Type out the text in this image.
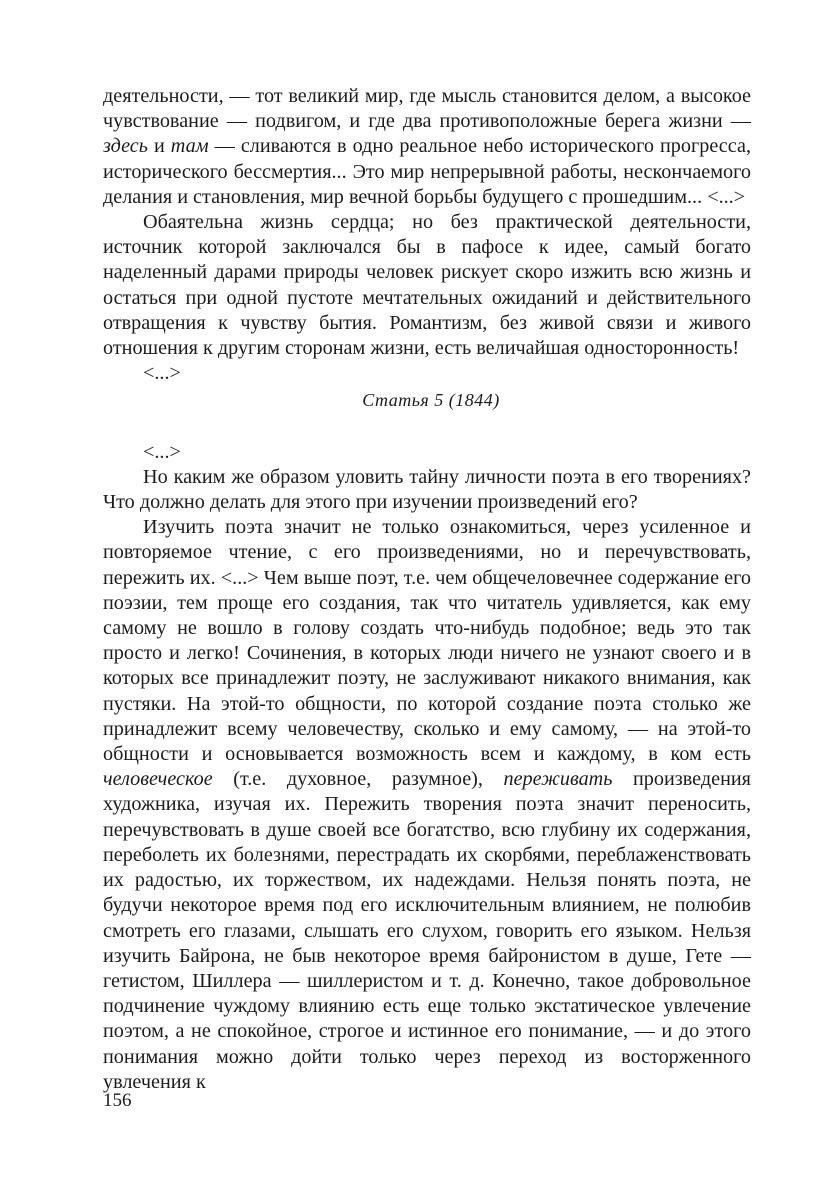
деятельности, — тот великий мир, где мысль становится делом, а высокое чувствование — подвигом, и где два противоположные берега жизни — здесь и там — сливаются в одно реальное небо исторического прогресса, исторического бессмертия... Это мир непрерывной работы, нескончаемого делания и становления, мир вечной борьбы будущего с прошедшим... <...>

Обаятельна жизнь сердца; но без практической деятельности, источник которой заключался бы в пафосе к идее, самый богато наделенный дарами природы человек рискует скоро изжить всю жизнь и остаться при одной пустоте мечтательных ожиданий и действительного отвращения к чувству бытия. Романтизм, без живой связи и живого отношения к другим сторонам жизни, есть величайшая односторонность!

<...>

Статья 5 (1844)

<...>

Но каким же образом уловить тайну личности поэта в его творениях? Что должно делать для этого при изучении произведений его?

Изучить поэта значит не только ознакомиться, через усиленное и повторяемое чтение, с его произведениями, но и перечувствовать, пережить их. <...> Чем выше поэт, т.е. чем общечеловечнее содержание его поэзии, тем проще его создания, так что читатель удивляется, как ему самому не вошло в голову создать что-нибудь подобное; ведь это так просто и легко! Сочинения, в которых люди ничего не узнают своего и в которых все принадлежит поэту, не заслуживают никакого внимания, как пустяки. На этой-то общности, по которой создание поэта столько же принадлежит всему человечеству, сколько и ему самому, — на этой-то общности и основывается возможность всем и каждому, в ком есть человеческое (т.е. духовное, разумное), переживать произведения художника, изучая их. Пережить творения поэта значит переносить, перечувствовать в душе своей все богатство, всю глубину их содержания, переболеть их болезнями, перестрадать их скорбями, переблаженствовать их радостью, их торжеством, их надеждами. Нельзя понять поэта, не будучи некоторое время под его исключительным влиянием, не полюбив смотреть его глазами, слышать его слухом, говорить его языком. Нельзя изучить Байрона, не быв некоторое время байронистом в душе, Гете — гетистом, Шиллера — шиллеристом и т. д. Конечно, такое добровольное подчинение чуждому влиянию есть еще только экстатическое увлечение поэтом, а не спокойное, строгое и истинное его понимание, — и до этого понимания можно дойти только через переход из восторженного увлечения к

156
